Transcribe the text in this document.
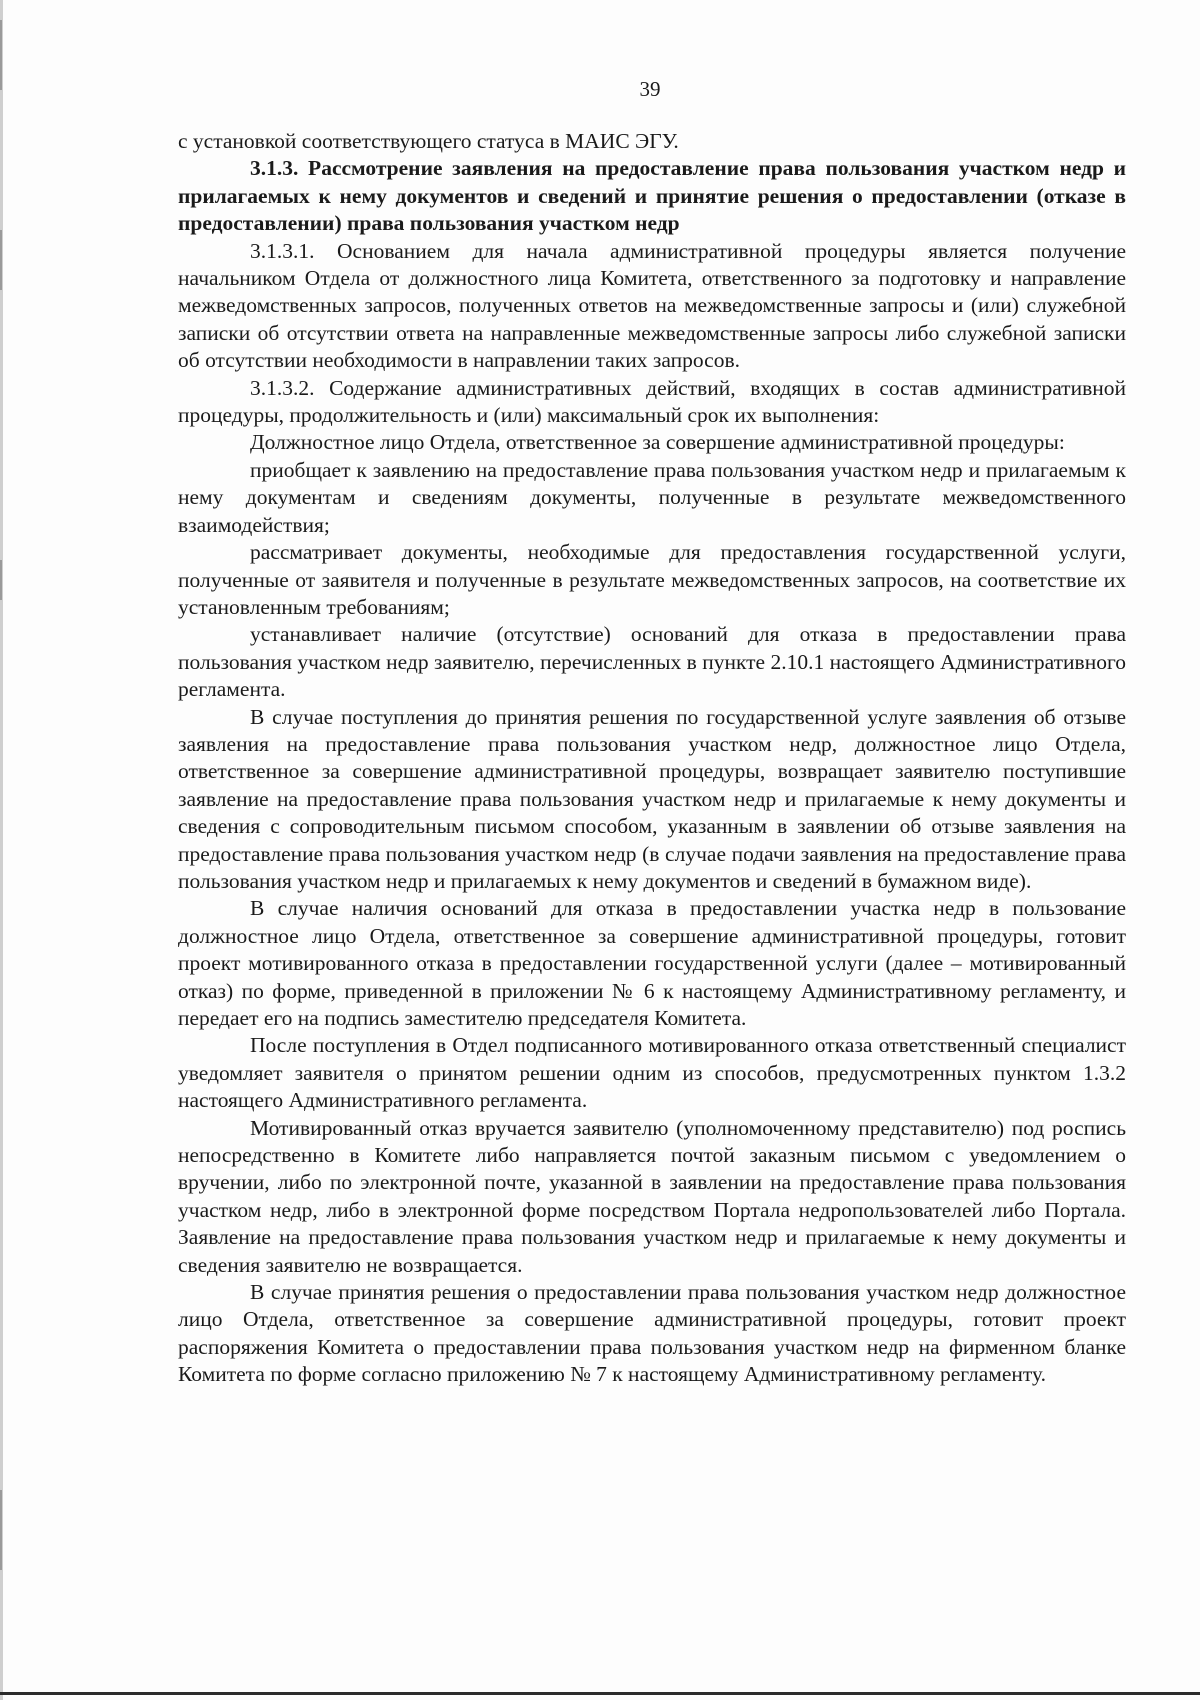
39

с установкой соответствующего статуса в МАИС ЭГУ.

3.1.3. Рассмотрение заявления на предоставление права пользования участком недр и прилагаемых к нему документов и сведений и принятие решения о предоставлении (отказе в предоставлении) права пользования участком недр

3.1.3.1. Основанием для начала административной процедуры является получение начальником Отдела от должностного лица Комитета, ответственного за подготовку и направление межведомственных запросов, полученных ответов на межведомственные запросы и (или) служебной записки об отсутствии ответа на направленные межведомственные запросы либо служебной записки об отсутствии необходимости в направлении таких запросов.

3.1.3.2. Содержание административных действий, входящих в состав административной процедуры, продолжительность и (или) максимальный срок их выполнения:

Должностное лицо Отдела, ответственное за совершение административной процедуры:

приобщает к заявлению на предоставление права пользования участком недр и прилагаемым к нему документам и сведениям документы, полученные в результате межведомственного взаимодействия;

рассматривает документы, необходимые для предоставления государственной услуги, полученные от заявителя и полученные в результате межведомственных запросов, на соответствие их установленным требованиям;

устанавливает наличие (отсутствие) оснований для отказа в предоставлении права пользования участком недр заявителю, перечисленных в пункте 2.10.1 настоящего Административного регламента.

В случае поступления до принятия решения по государственной услуге заявления об отзыве заявления на предоставление права пользования участком недр, должностное лицо Отдела, ответственное за совершение административной процедуры, возвращает заявителю поступившие заявление на предоставление права пользования участком недр и прилагаемые к нему документы и сведения с сопроводительным письмом способом, указанным в заявлении об отзыве заявления на предоставление права пользования участком недр (в случае подачи заявления на предоставление права пользования участком недр и прилагаемых к нему документов и сведений в бумажном виде).

В случае наличия оснований для отказа в предоставлении участка недр в пользование должностное лицо Отдела, ответственное за совершение административной процедуры, готовит проект мотивированного отказа в предоставлении государственной услуги (далее – мотивированный отказ) по форме, приведенной в приложении № 6 к настоящему Административному регламенту, и передает его на подпись заместителю председателя Комитета.

После поступления в Отдел подписанного мотивированного отказа ответственный специалист уведомляет заявителя о принятом решении одним из способов, предусмотренных пунктом 1.3.2 настоящего Административного регламента.

Мотивированный отказ вручается заявителю (уполномоченному представителю) под роспись непосредственно в Комитете либо направляется почтой заказным письмом с уведомлением о вручении, либо по электронной почте, указанной в заявлении на предоставление права пользования участком недр, либо в электронной форме посредством Портала недропользователей либо Портала. Заявление на предоставление права пользования участком недр и прилагаемые к нему документы и сведения заявителю не возвращается.

В случае принятия решения о предоставлении права пользования участком недр должностное лицо Отдела, ответственное за совершение административной процедуры, готовит проект распоряжения Комитета о предоставлении права пользования участком недр на фирменном бланке Комитета по форме согласно приложению № 7 к настоящему Административному регламенту.
